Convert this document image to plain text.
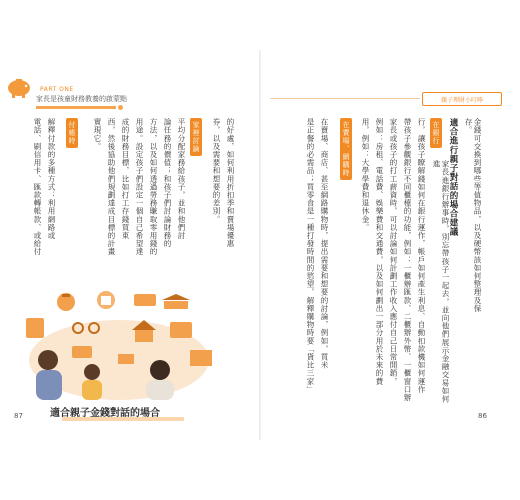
PART ONE
家長是孩童財務教養的啟蒙點	親子理財小叮嚀
金錢可交換到哪些等值物品，以及硬幣該如何整理及保存。
適合進行親子對話的場合建議
在銀行
家長進銀行辦事時，別忘帶孩子一起去，並向他們展示金融交易如何進
行，讓孩子瞭解錢如何在銀行運作，帳戶如何產生利息、自動扣款機如何運作
帶孩子參觀銀行不同櫃檯的功能，例如：一櫃辦匯款、二櫃辦外幣、一櫃窗口辦
家長或孩子的打工薪資時，可以討論如何計劃工作收入應付自己日常開銷，
例如：房租、電話費、娛樂費和交通費，以及如何劃出一部分用於未來的費
用，例如：大學學費和退休金。
在賣場、網購時
在賣場、商店、甚至網路購物時，提出需要和想要的討論，例如，買米
是正餐的必需品；買零食是一種打發時間的慾望，解釋購物時要「貨比三家」
86
的好處，如何利用折扣季和賣場優惠
券，以及需要和想要的差別。
家裡討論
平均分配家務給孩子，並和他們討
論任務的價值；和孩子們討論財務的
方法，以及如何透過勞務賺取零用錢的
用途。設定孩子們設定一個自己希望達
成的財務目標，比如打工存錢買東
西，然後協助他們規劃達成目標的計畫
實現它。
付帳時
解釋付款的多種方式：利用網路或
電話、刷信用卡、匯款轉帳款、或給付
適合親子金錢對話的場合
87
